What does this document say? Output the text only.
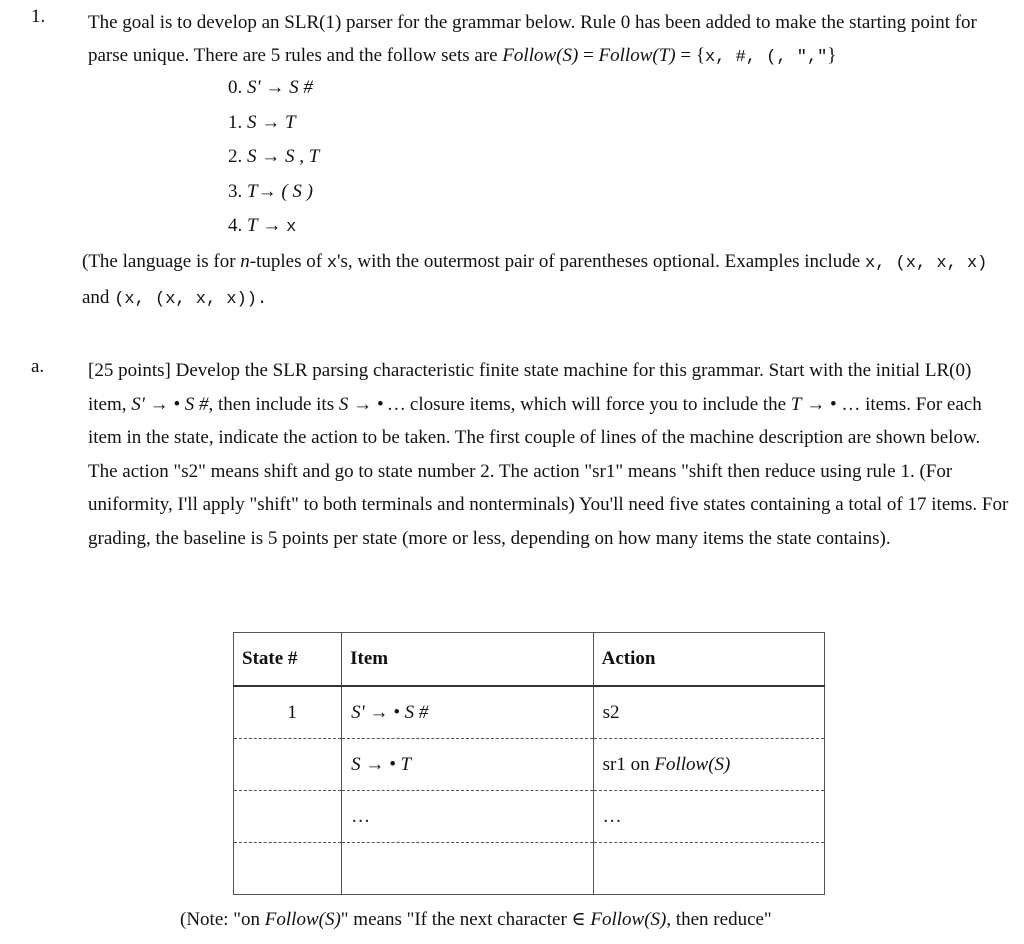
1. The goal is to develop an SLR(1) parser for the grammar below. Rule 0 has been added to make the starting point for parse unique. There are 5 rules and the follow sets are Follow(S) = Follow(T) = {x, #, (, ","}
0. S' → S #
1. S → T
2. S → S , T
3. T→ ( S )
4. T → x
(The language is for n-tuples of x's, with the outermost pair of parentheses optional. Examples include x, (x, x, x) and (x, (x, x, x)).
a. [25 points] Develop the SLR parsing characteristic finite state machine for this grammar. Start with the initial LR(0) item, S' → • S #, then include its S → • … closure items, which will force you to include the T → • … items. For each item in the state, indicate the action to be taken. The first couple of lines of the machine description are shown below. The action "s2" means shift and go to state number 2. The action "sr1" means "shift then reduce using rule 1. (For uniformity, I'll apply "shift" to both terminals and nonterminals) You'll need five states containing a total of 17 items. For grading, the baseline is 5 points per state (more or less, depending on how many items the state contains).
State #	Item	Action
1	S' → • S #	s2
	S → • T	sr1 on Follow(S)
	…	…

(Note: "on Follow(S)" means "If the next character ∈ Follow(S), then reduce"
